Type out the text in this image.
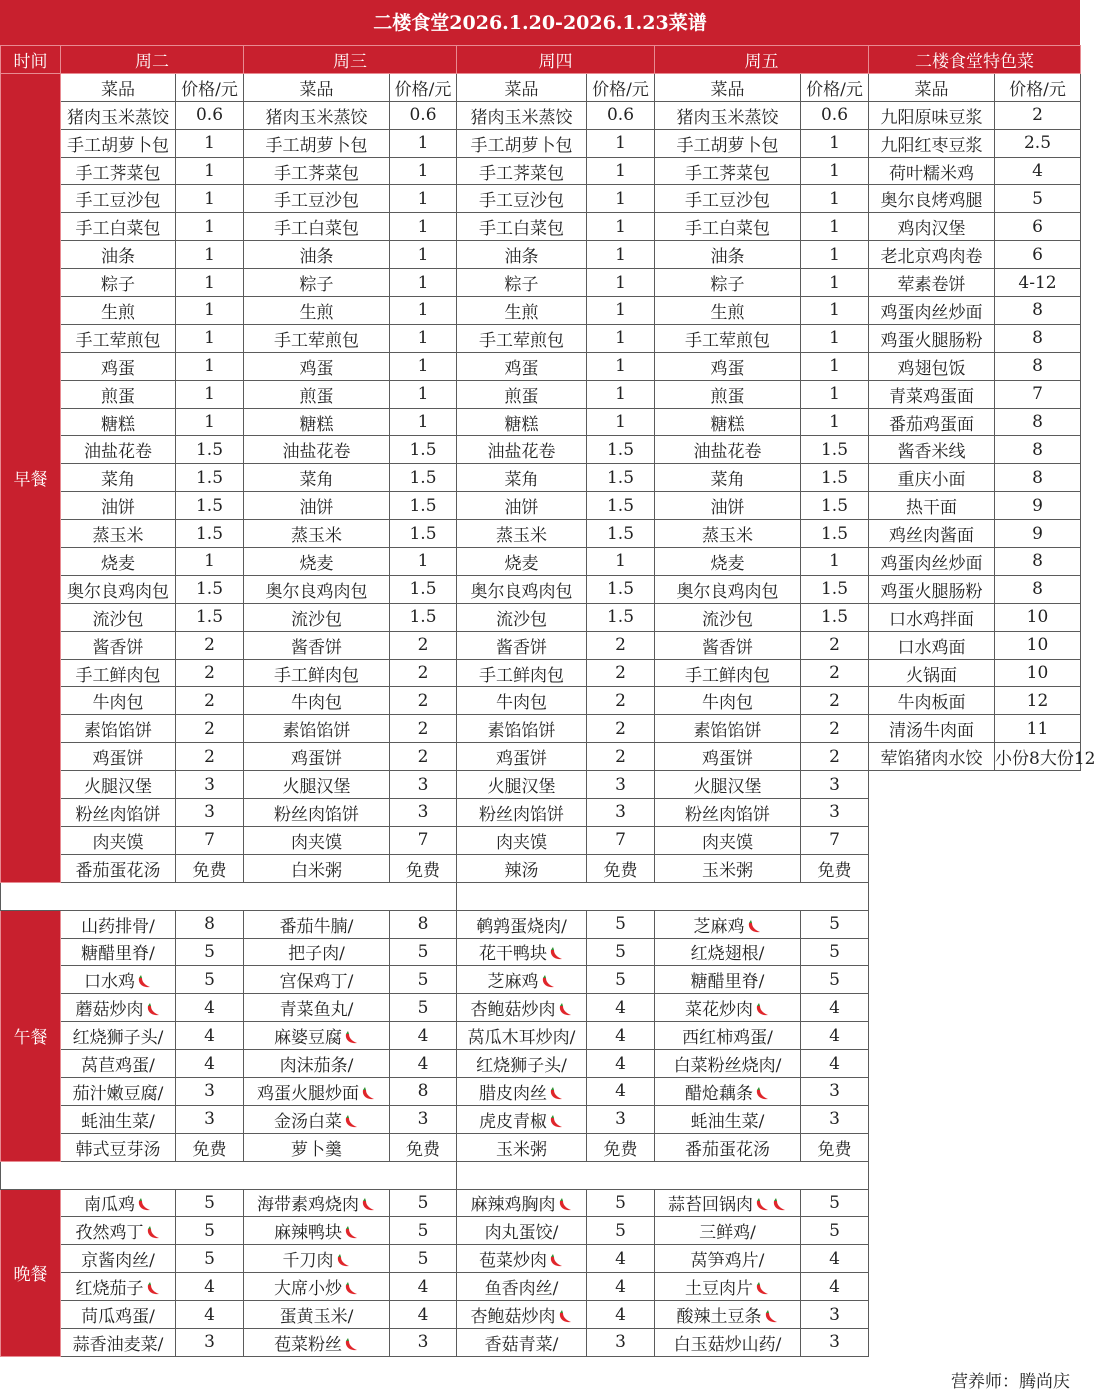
二楼食堂2026.1.20-2026.1.23菜谱
时间	周二		周三		周四		周五		二楼食堂特色菜	
早餐	菜品	价格/元	菜品	价格/元	菜品	价格/元	菜品	价格/元	菜品	价格/元
	猪肉玉米蒸饺	0.6	猪肉玉米蒸饺	0.6	猪肉玉米蒸饺	0.6	猪肉玉米蒸饺	0.6	九阳原味豆浆	2
	手工胡萝卜包	1	手工胡萝卜包	1	手工胡萝卜包	1	手工胡萝卜包	1	九阳红枣豆浆	2.5
	手工荠菜包	1	手工荠菜包	1	手工荠菜包	1	手工荠菜包	1	荷叶糯米鸡	4
	手工豆沙包	1	手工豆沙包	1	手工豆沙包	1	手工豆沙包	1	奥尔良烤鸡腿	5
	手工白菜包	1	手工白菜包	1	手工白菜包	1	手工白菜包	1	鸡肉汉堡	6
	油条	1	油条	1	油条	1	油条	1	老北京鸡肉卷	6
	粽子	1	粽子	1	粽子	1	粽子	1	荤素卷饼	4-12
	生煎	1	生煎	1	生煎	1	生煎	1	鸡蛋肉丝炒面	8
	手工荤煎包	1	手工荤煎包	1	手工荤煎包	1	手工荤煎包	1	鸡蛋火腿肠粉	8
	鸡蛋	1	鸡蛋	1	鸡蛋	1	鸡蛋	1	鸡翅包饭	8
	煎蛋	1	煎蛋	1	煎蛋	1	煎蛋	1	青菜鸡蛋面	7
	糖糕	1	糖糕	1	糖糕	1	糖糕	1	番茄鸡蛋面	8
	油盐花卷	1.5	油盐花卷	1.5	油盐花卷	1.5	油盐花卷	1.5	酱香米线	8
	菜角	1.5	菜角	1.5	菜角	1.5	菜角	1.5	重庆小面	8
	油饼	1.5	油饼	1.5	油饼	1.5	油饼	1.5	热干面	9
	蒸玉米	1.5	蒸玉米	1.5	蒸玉米	1.5	蒸玉米	1.5	鸡丝肉酱面	9
	烧麦	1	烧麦	1	烧麦	1	烧麦	1	鸡蛋肉丝炒面	8
	奥尔良鸡肉包	1.5	奥尔良鸡肉包	1.5	奥尔良鸡肉包	1.5	奥尔良鸡肉包	1.5	鸡蛋火腿肠粉	8
	流沙包	1.5	流沙包	1.5	流沙包	1.5	流沙包	1.5	口水鸡拌面	10
	酱香饼	2	酱香饼	2	酱香饼	2	酱香饼	2	口水鸡面	10
	手工鲜肉包	2	手工鲜肉包	2	手工鲜肉包	2	手工鲜肉包	2	火锅面	10
	牛肉包	2	牛肉包	2	牛肉包	2	牛肉包	2	牛肉板面	12
	素馅馅饼	2	素馅馅饼	2	素馅馅饼	2	素馅馅饼	2	清汤牛肉面	11
	鸡蛋饼	2	鸡蛋饼	2	鸡蛋饼	2	鸡蛋饼	2	荤馅猪肉水饺	小份8大份12
	火腿汉堡	3	火腿汉堡	3	火腿汉堡	3	火腿汉堡	3		
	粉丝肉馅饼	3	粉丝肉馅饼	3	粉丝肉馅饼	3	粉丝肉馅饼	3		
	肉夹馍	7	肉夹馍	7	肉夹馍	7	肉夹馍	7		
	番茄蛋花汤	免费	白米粥	免费	辣汤	免费	玉米粥	免费		

午餐	山药排骨/	8	番茄牛腩/	8	鹌鹑蛋烧肉/	5	芝麻鸡	5		
	糖醋里脊/	5	把子肉/	5	花干鸭块	5	红烧翅根/	5		
	口水鸡	5	宫保鸡丁/	5	芝麻鸡	5	糖醋里脊/	5		
	蘑菇炒肉	4	青菜鱼丸/	5	杏鲍菇炒肉	4	菜花炒肉	4		
	红烧狮子头/	4	麻婆豆腐	4	莴瓜木耳炒肉/	4	西红柿鸡蛋/	4		
	莴苣鸡蛋/	4	肉沫茄条/	4	红烧狮子头/	4	白菜粉丝烧肉/	4		
	茄汁嫩豆腐/	3	鸡蛋火腿炒面	8	腊皮肉丝	4	醋炝藕条	3		
	蚝油生菜/	3	金汤白菜	3	虎皮青椒	3	蚝油生菜/	3		
	韩式豆芽汤	免费	萝卜羹	免费	玉米粥	免费	番茄蛋花汤	免费		

晚餐	南瓜鸡	5	海带素鸡烧肉	5	麻辣鸡胸肉	5	蒜苔回锅肉	5		
	孜然鸡丁	5	麻辣鸭块	5	肉丸蛋饺/	5	三鲜鸡/	5		
	京酱肉丝/	5	千刀肉	5	苞菜炒肉	4	莴笋鸡片/	4		
	红烧茄子	4	大席小炒	4	鱼香肉丝/	4	土豆肉片	4		
	苘瓜鸡蛋/	4	蛋黄玉米/	4	杏鲍菇炒肉	4	酸辣土豆条	3		
	蒜香油麦菜/	3	苞菜粉丝	3	香菇青菜/	3	白玉菇炒山药/	3		
营养师：腾尚庆
